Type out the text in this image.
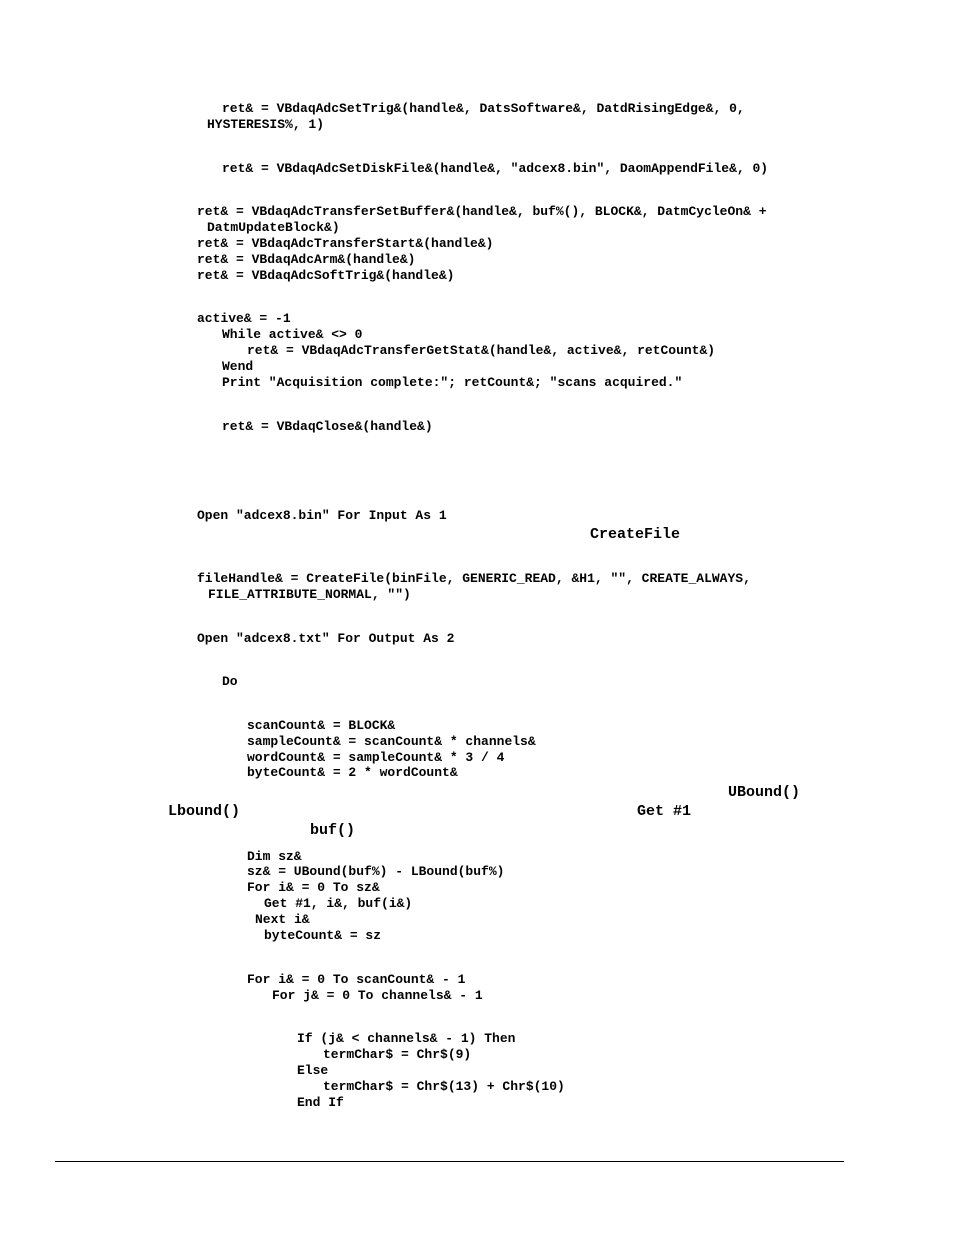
ret& = VBdaqAdcSetTrig&(handle&, DatsSoftware&, DatdRisingEdge&, 0,
HYSTERESIS%, 1)
ret& = VBdaqAdcSetDiskFile&(handle&, "adcex8.bin", DaomAppendFile&, 0)
ret& = VBdaqAdcTransferSetBuffer&(handle&, buf%(), BLOCK&, DatmCycleOn& +
DatmUpdateBlock&)
ret& = VBdaqAdcTransferStart&(handle&)
ret& = VBdaqAdcArm&(handle&)
ret& = VBdaqAdcSoftTrig&(handle&)
active& = -1
While active& <> 0
ret& = VBdaqAdcTransferGetStat&(handle&, active&, retCount&)
Wend
Print "Acquisition complete:"; retCount&; "scans acquired."
ret& = VBdaqClose&(handle&)
Open "adcex8.bin" For Input As 1
CreateFile
fileHandle& = CreateFile(binFile, GENERIC_READ, &H1, "", CREATE_ALWAYS,
FILE_ATTRIBUTE_NORMAL, "")
Open "adcex8.txt" For Output As 2
Do
scanCount& = BLOCK&
sampleCount& = scanCount& * channels&
wordCount& = sampleCount& * 3 / 4
byteCount& = 2 * wordCount&
UBound()
Lbound()	Get #1
buf()
Dim sz&
sz& = UBound(buf%) - LBound(buf%)
For i& = 0 To sz&
Get #1, i&, buf(i&)
Next i&
byteCount& = sz
For i& = 0 To scanCount& - 1
For j& = 0 To channels& - 1
If (j& < channels& - 1) Then
termChar$ = Chr$(9)
Else
termChar$ = Chr$(13) + Chr$(10)
End If
